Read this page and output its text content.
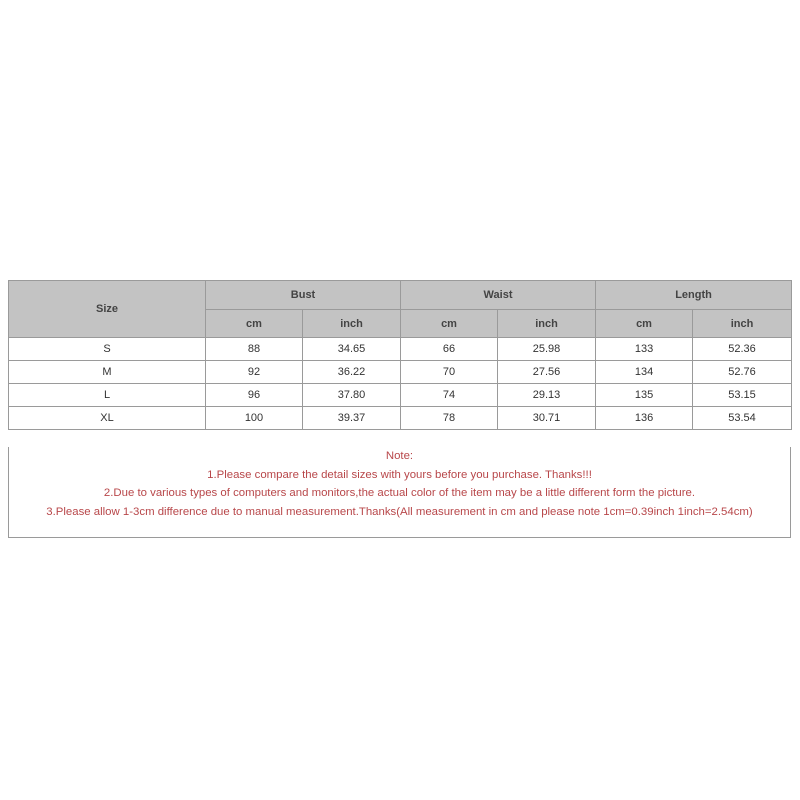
Size	Bust		Waist		Length	
	cm	inch	cm	inch	cm	inch
S	88	34.65	66	25.98	133	52.36
M	92	36.22	70	27.56	134	52.76
L	96	37.80	74	29.13	135	53.15
XL	100	39.37	78	30.71	136	53.54
Note:
1.Please compare the detail sizes with yours before you purchase. Thanks!!!
2.Due to various types of computers and monitors,the actual color of the item may be a little different form the picture.
3.Please allow 1-3cm difference due to manual measurement.Thanks(All measurement in cm and please note 1cm=0.39inch 1inch=2.54cm)
